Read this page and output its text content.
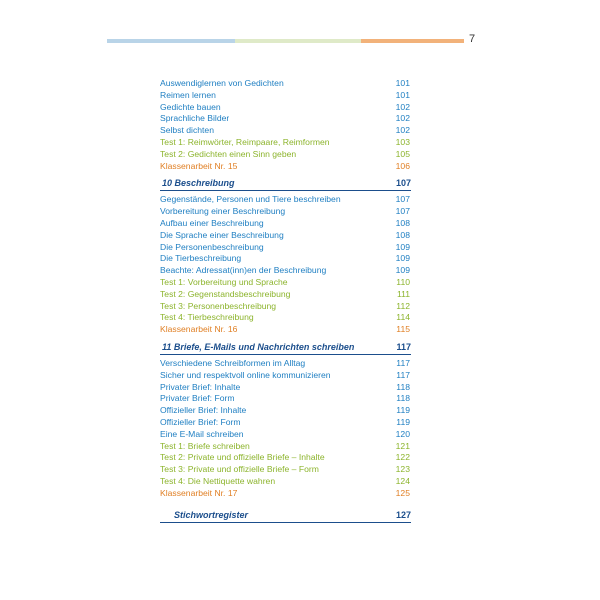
7
Auswendiglernen von Gedichten	101
Reimen lernen	101
Gedichte bauen	102
Sprachliche Bilder	102
Selbst dichten	102
Test 1: Reimwörter, Reimpaare, Reimformen	103
Test 2: Gedichten einen Sinn geben	105
Klassenarbeit Nr. 15	106
10 Beschreibung	107
Gegenstände, Personen und Tiere beschreiben	107
Vorbereitung einer Beschreibung	107
Aufbau einer Beschreibung	108
Die Sprache einer Beschreibung	108
Die Personenbeschreibung	109
Die Tierbeschreibung	109
Beachte: Adressat(inn)en der Beschreibung	109
Test 1: Vorbereitung und Sprache	110
Test 2: Gegenstandsbeschreibung	111
Test 3: Personenbeschreibung	112
Test 4: Tierbeschreibung	114
Klassenarbeit Nr. 16	115
11 Briefe, E-Mails und Nachrichten schreiben	117
Verschiedene Schreibformen im Alltag	117
Sicher und respektvoll online kommunizieren	117
Privater Brief: Inhalte	118
Privater Brief: Form	118
Offizieller Brief: Inhalte	119
Offizieller Brief: Form	119
Eine E-Mail schreiben	120
Test 1: Briefe schreiben	121
Test 2: Private und offizielle Briefe – Inhalte	122
Test 3: Private und offizielle Briefe – Form	123
Test 4: Die Nettiquette wahren	124
Klassenarbeit Nr. 17	125
Stichwortregister	127
